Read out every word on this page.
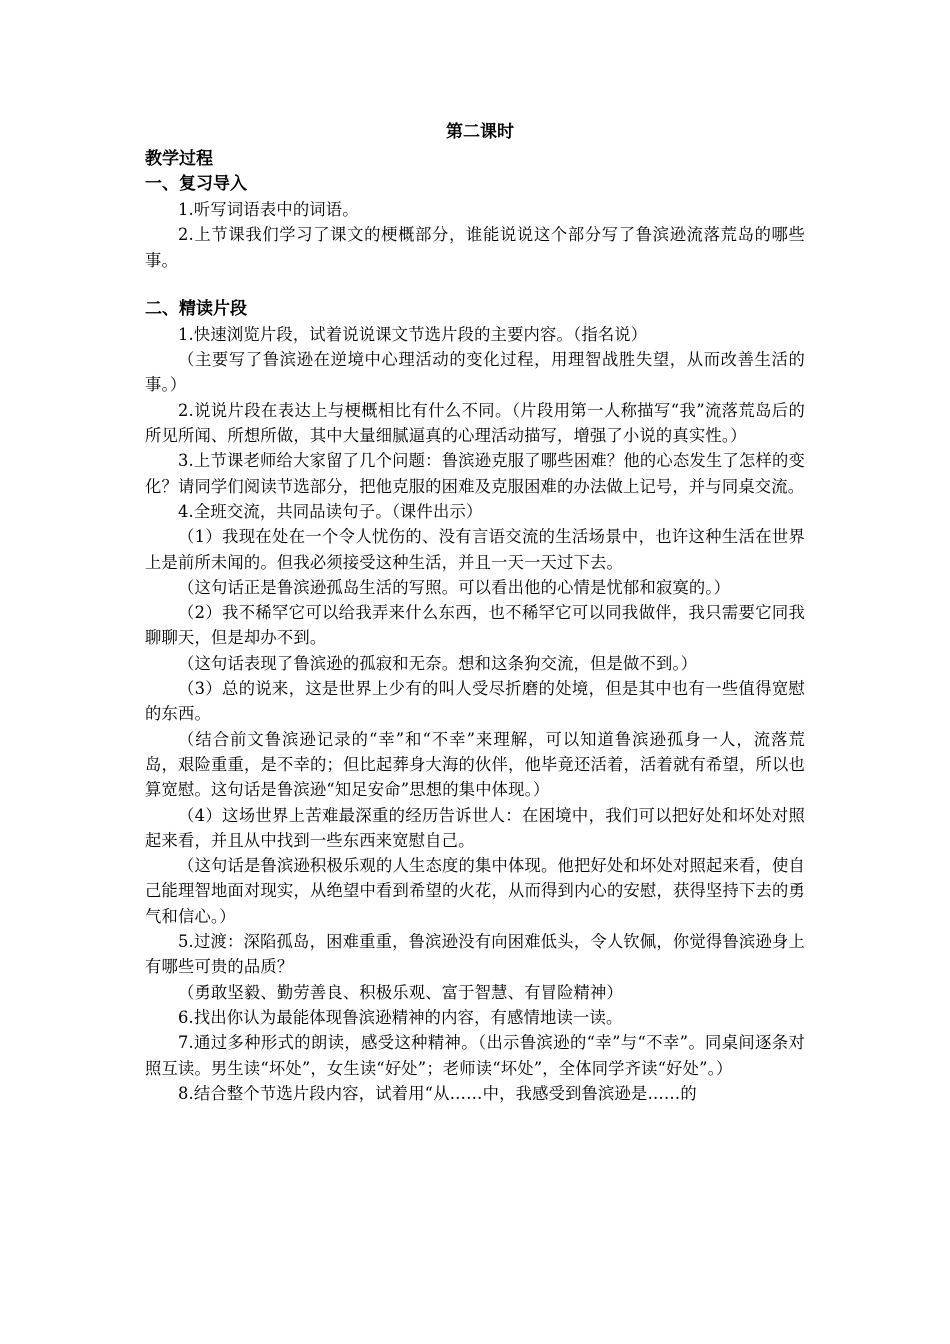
第二课时
教学过程
一、复习导入

1.听写词语表中的词语。

2.上节课我们学习了课文的梗概部分，谁能说说这个部分写了鲁滨逊流落荒岛的哪些事。

二、精读片段

1.快速浏览片段，试着说说课文节选片段的主要内容。（指名说）

（主要写了鲁滨逊在逆境中心理活动的变化过程，用理智战胜失望，从而改善生活的事。）

2.说说片段在表达上与梗概相比有什么不同。（片段用第一人称描写“我”流落荒岛后的所见所闻、所想所做，其中大量细腻逼真的心理活动描写，增强了小说的真实性。）

3.上节课老师给大家留了几个问题：鲁滨逊克服了哪些困难？他的心态发生了怎样的变化？请同学们阅读节选部分，把他克服的困难及克服困难的办法做上记号，并与同桌交流。

4.全班交流，共同品读句子。（课件出示）

（1）我现在处在一个令人忧伤的、没有言语交流的生活场景中，也许这种生活在世界上是前所未闻的。但我必须接受这种生活，并且一天一天过下去。

（这句话正是鲁滨逊孤岛生活的写照。可以看出他的心情是忧郁和寂寞的。）

（2）我不稀罕它可以给我弄来什么东西，也不稀罕它可以同我做伴，我只需要它同我聊聊天，但是却办不到。

（这句话表现了鲁滨逊的孤寂和无奈。想和这条狗交流，但是做不到。）

（3）总的说来，这是世界上少有的叫人受尽折磨的处境，但是其中也有一些值得宽慰的东西。

（结合前文鲁滨逊记录的“幸”和“不幸”来理解，可以知道鲁滨逊孤身一人，流落荒岛，艰险重重，是不幸的；但比起葬身大海的伙伴，他毕竟还活着，活着就有希望，所以也算宽慰。这句话是鲁滨逊“知足安命”思想的集中体现。）

（4）这场世界上苦难最深重的经历告诉世人：在困境中，我们可以把好处和坏处对照起来看，并且从中找到一些东西来宽慰自己。

（这句话是鲁滨逊积极乐观的人生态度的集中体现。他把好处和坏处对照起来看，使自己能理智地面对现实，从绝望中看到希望的火花，从而得到内心的安慰，获得坚持下去的勇气和信心。）

5.过渡：深陷孤岛，困难重重，鲁滨逊没有向困难低头，令人钦佩，你觉得鲁滨逊身上有哪些可贵的品质？

（勇敢坚毅、勤劳善良、积极乐观、富于智慧、有冒险精神）

6.找出你认为最能体现鲁滨逊精神的内容，有感情地读一读。

7.通过多种形式的朗读，感受这种精神。（出示鲁滨逊的“幸”与“不幸”。同桌间逐条对照互读。男生读“坏处”，女生读“好处”；老师读“坏处”，全体同学齐读“好处”。）

8.结合整个节选片段内容，试着用“从……中，我感受到鲁滨逊是……的
